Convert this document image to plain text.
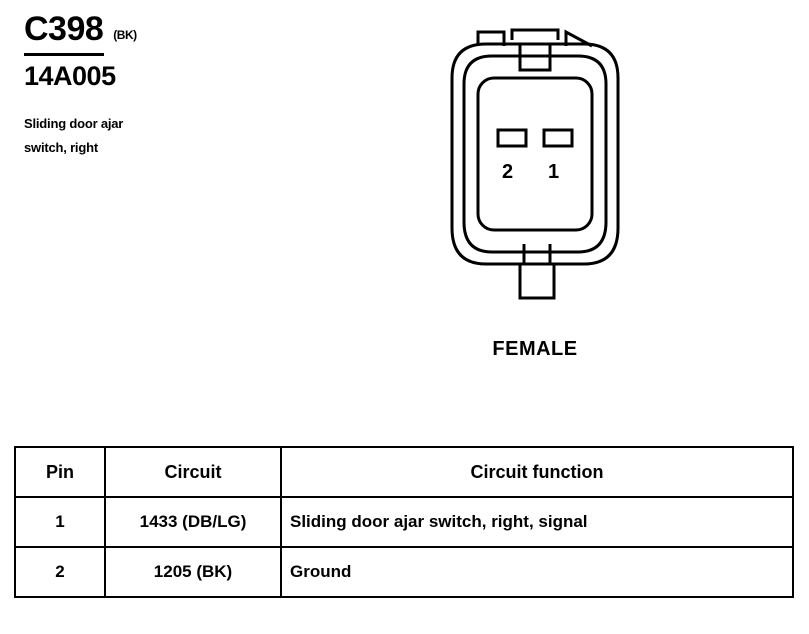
C398 (BK)
14A005
Sliding door ajar
switch, right
2 1
FEMALE
Pin	Circuit	Circuit function
1	1433 (DB/LG)	Sliding door ajar switch, right, signal
2	1205 (BK)	Ground
